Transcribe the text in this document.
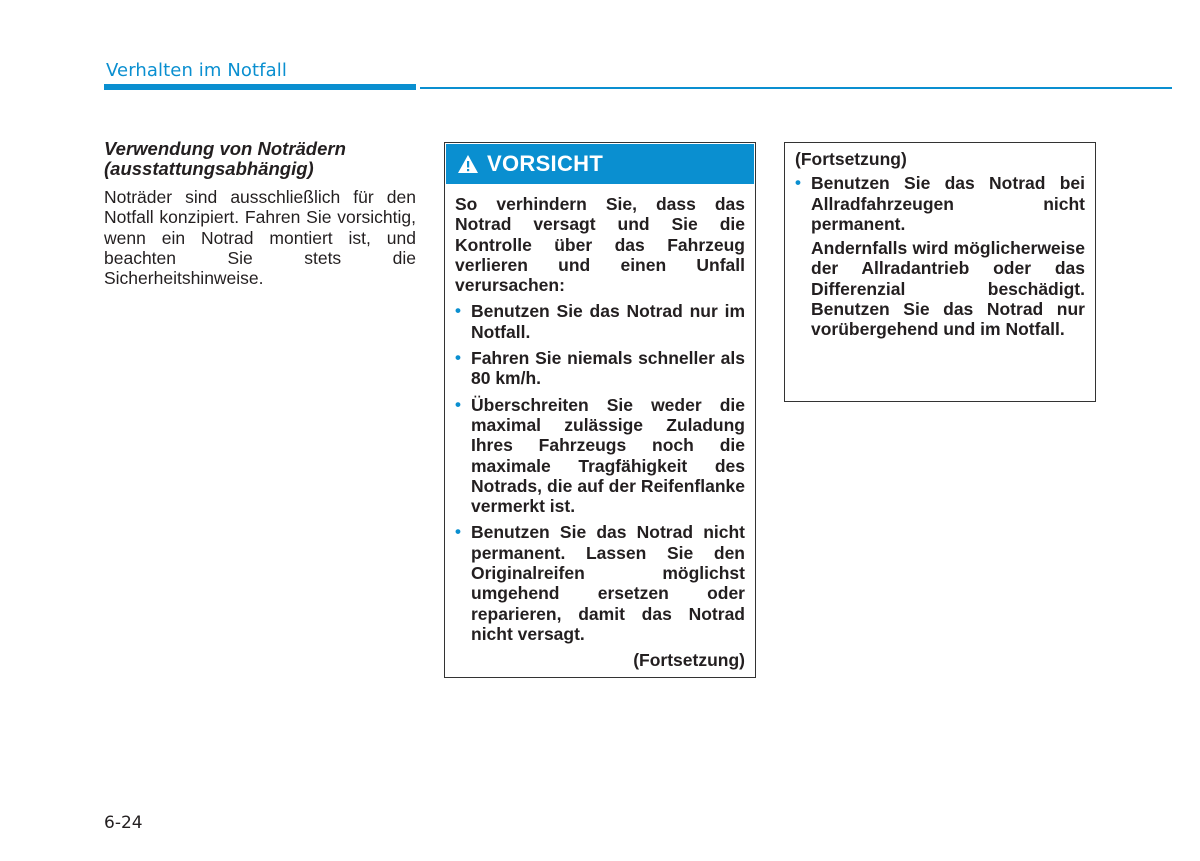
Verhalten im Notfall
Verwendung von Noträdern (ausstattungsabhängig)
Noträder sind ausschließlich für den Notfall konzipiert. Fahren Sie vorsichtig, wenn ein Notrad montiert ist, und beachten Sie stets die Sicherheitshinweise.
VORSICHT
So verhindern Sie, dass das Notrad versagt und Sie die Kontrolle über das Fahrzeug verlieren und einen Unfall verursachen:
• Benutzen Sie das Notrad nur im Notfall.
• Fahren Sie niemals schneller als 80 km/h.
• Überschreiten Sie weder die maximal zulässige Zuladung Ihres Fahrzeugs noch die maximale Tragfähigkeit des Notrads, die auf der Reifenflanke vermerkt ist.
• Benutzen Sie das Notrad nicht permanent. Lassen Sie den Originalreifen möglichst umgehend ersetzen oder reparieren, damit das Notrad nicht versagt.
(Fortsetzung)
(Fortsetzung)
• Benutzen Sie das Notrad bei Allradfahrzeugen nicht permanent.
Andernfalls wird möglicherweise der Allradantrieb oder das Differenzial beschädigt. Benutzen Sie das Notrad nur vorübergehend und im Notfall.
6-24
